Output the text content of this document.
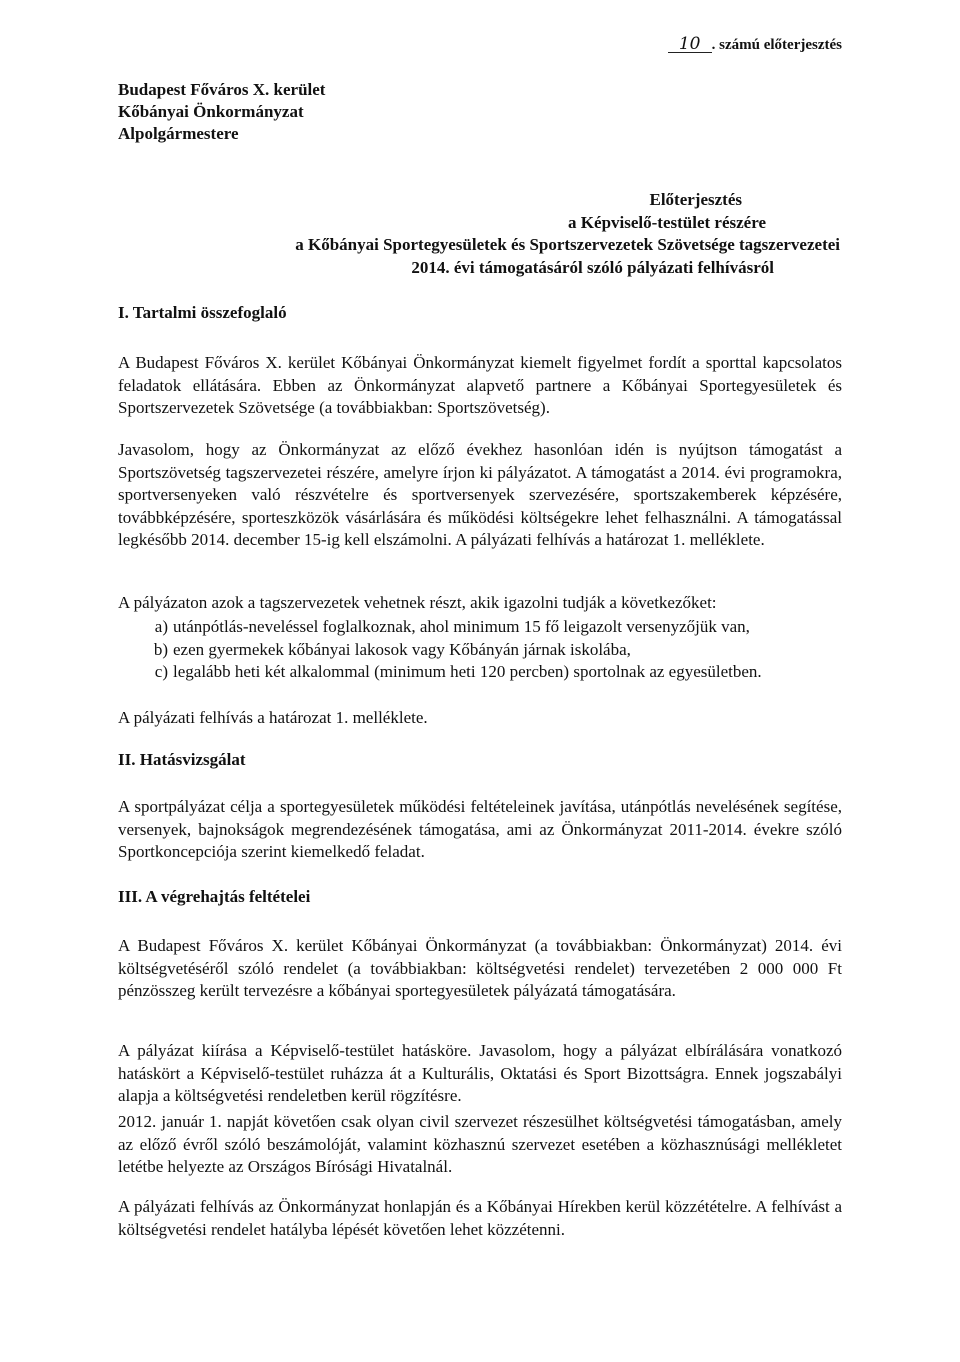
10 . számú előterjesztés
Budapest Főváros X. kerület
Kőbányai Önkormányzat
Alpolgármestere
Előterjesztés
a Képviselő-testület részére
a Kőbányai Sportegyesületek és Sportszervezetek Szövetsége tagszervezetei
2014. évi támogatásáról szóló pályázati felhívásról
I. Tartalmi összefoglaló

A Budapest Főváros X. kerület Kőbányai Önkormányzat kiemelt figyelmet fordít a sporttal kapcsolatos feladatok ellátására. Ebben az Önkormányzat alapvető partnere a Kőbányai Sportegyesületek és Sportszervezetek Szövetsége (a továbbiakban: Sportszövetség).

Javasolom, hogy az Önkormányzat az előző évekhez hasonlóan idén is nyújtson támogatást a Sportszövetség tagszervezetei részére, amelyre írjon ki pályázatot. A támogatást a 2014. évi programokra, sportversenyeken való részvételre és sportversenyek szervezésére, sportszakemberek képzésére, továbbképzésére, sporteszközök vásárlására és működési költségekre lehet felhasználni. A támogatással legkésőbb 2014. december 15-ig kell elszámolni. A pályázati felhívás a határozat 1. melléklete.

A pályázaton azok a tagszervezetek vehetnek részt, akik igazolni tudják a következőket:

a) utánpótlás-neveléssel foglalkoznak, ahol minimum 15 fő leigazolt versenyzőjük van,
b) ezen gyermekek kőbányai lakosok vagy Kőbányán járnak iskolába,
c) legalább heti két alkalommal (minimum heti 120 percben) sportolnak az egyesületben.

A pályázati felhívás a határozat 1. melléklete.

II. Hatásvizsgálat

A sportpályázat célja a sportegyesületek működési feltételeinek javítása, utánpótlás nevelésének segítése, versenyek, bajnokságok megrendezésének támogatása, ami az Önkormányzat 2011-2014. évekre szóló Sportkoncepciója szerint kiemelkedő feladat.

III. A végrehajtás feltételei

A Budapest Főváros X. kerület Kőbányai Önkormányzat (a továbbiakban: Önkormányzat) 2014. évi költségvetéséről szóló rendelet (a továbbiakban: költségvetési rendelet) tervezetében 2 000 000 Ft pénzösszeg került tervezésre a kőbányai sportegyesületek pályázatá támogatására.

A pályázat kiírása a Képviselő-testület hatásköre. Javasolom, hogy a pályázat elbírálására vonatkozó hatáskört a Képviselő-testület ruházza át a Kulturális, Oktatási és Sport Bizottságra. Ennek jogszabályi alapja a költségvetési rendeletben kerül rögzítésre.

2012. január 1. napját követően csak olyan civil szervezet részesülhet költségvetési támogatásban, amely az előző évről szóló beszámolóját, valamint közhasznú szervezet esetében a közhasznúsági mellékletet letétbe helyezte az Országos Bírósági Hivatalnál.

A pályázati felhívás az Önkormányzat honlapján és a Kőbányai Hírekben kerül közzétételre. A felhívást a költségvetési rendelet hatályba lépését követően lehet közzétenni.
